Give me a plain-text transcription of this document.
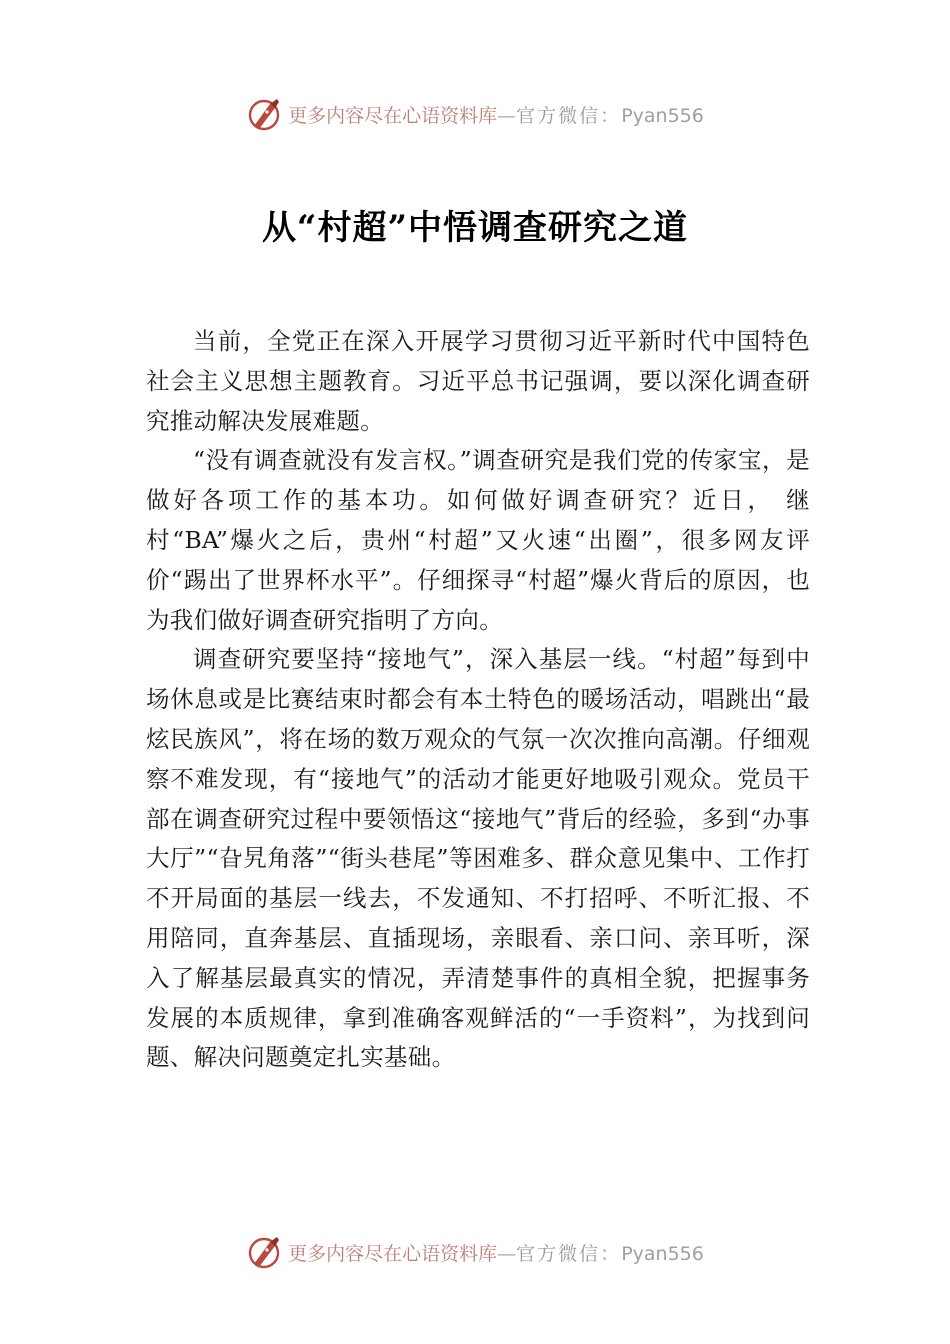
更多内容尽在心语资料库—官方微信：Pyan556
从“村超”中悟调查研究之道

当前，全党正在深入开展学习贯彻习近平新时代中国特色社会主义思想主题教育。习近平总书记强调，要以深化调查研究推动解决发展难题。

“没有调查就没有发言权。”调查研究是我们党的传家宝，是做好各项工作的基本功。如何做好调查研究？近日， 继村“BA”爆火之后，贵州“村超”又火速“出圈”，很多网友评价“踢出了世界杯水平”。仔细探寻“村超”爆火背后的原因，也为我们做好调查研究指明了方向。

调查研究要坚持“接地气”，深入基层一线。“村超”每到中场休息或是比赛结束时都会有本土特色的暖场活动，唱跳出“最炫民族风”，将在场的数万观众的气氛一次次推向高潮。仔细观察不难发现，有“接地气”的活动才能更好地吸引观众。党员干部在调查研究过程中要领悟这“接地气”背后的经验，多到“办事大厅”“旮旯角落”“街头巷尾”等困难多、群众意见集中、工作打不开局面的基层一线去，不发通知、不打招呼、不听汇报、不用陪同，直奔基层、直插现场，亲眼看、亲口问、亲耳听，深入了解基层最真实的情况，弄清楚事件的真相全貌，把握事务发展的本质规律，拿到准确客观鲜活的“一手资料”，为找到问题、解决问题奠定扎实基础。

更多内容尽在心语资料库—官方微信：Pyan556
